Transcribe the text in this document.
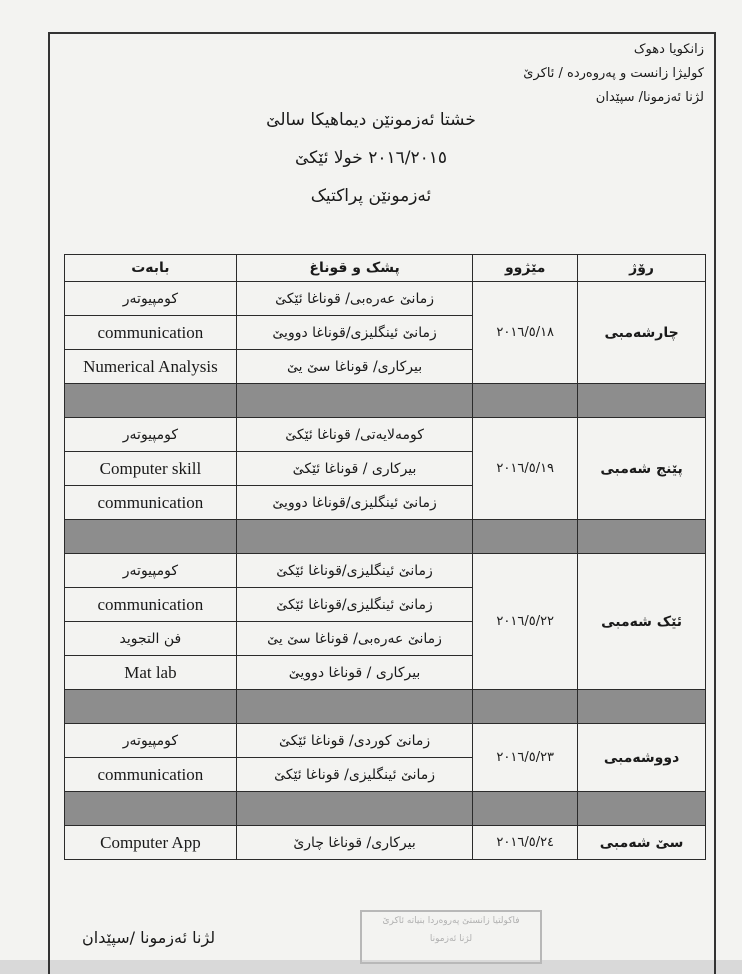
زانکویا دهوک
کولیژا زانست و پەروەردە / ئاکرێ
لژنا ئەزمونا/ سپێدان
خشتا ئەزمونێن دیماهیکا سالێ
٢٠١٦/٢٠١٥ خولا ئێکێ
ئەزمونێن پراکتیک
رۆژ	مێژوو	پشک و قوناغ	بابەت
چارشەمبی	٢٠١٦/٥/١٨	زمانێ عەرەبی/ قوناغا ئێکێ	کومپیوتەر
		زمانێ ئینگلیزی/قوناغا دوویێ	communication
		بیرکاری/ قوناغا سێ یێ	Numerical Analysis

پێنج شەمبی	٢٠١٦/٥/١٩	کومەلایەتی/ قوناغا ئێکێ	کومپیوتەر
		بیرکاری / قوناغا ئێکێ	Computer skill
		زمانێ ئینگلیزی/قوناغا دوویێ	communication

ئێک شەمبی	٢٠١٦/٥/٢٢	زمانێ ئینگلیزی/قوناغا ئێکێ	کومپیوتەر
		زمانێ ئینگلیزی/قوناغا ئێکێ	communication
		زمانێ عەرەبی/ قوناغا سێ یێ	فن التجوید
		بیرکاری / قوناغا دوویێ	Mat lab

دووشەمبی	٢٠١٦/٥/٢٣	زمانێ کوردی/ قوناغا ئێکێ	کومپیوتەر
		زمانێ ئینگلیزی/ قوناغا ئێکێ	communication

سێ شەمبی	٢٠١٦/٥/٢٤	بیرکاری/ قوناغا چارێ	Computer App
فاکولتیا زانستێ پەروەردا بنیاتە ئاکرێ
لژنا ئەزمونا
لژنا ئەزمونا /سپێدان
